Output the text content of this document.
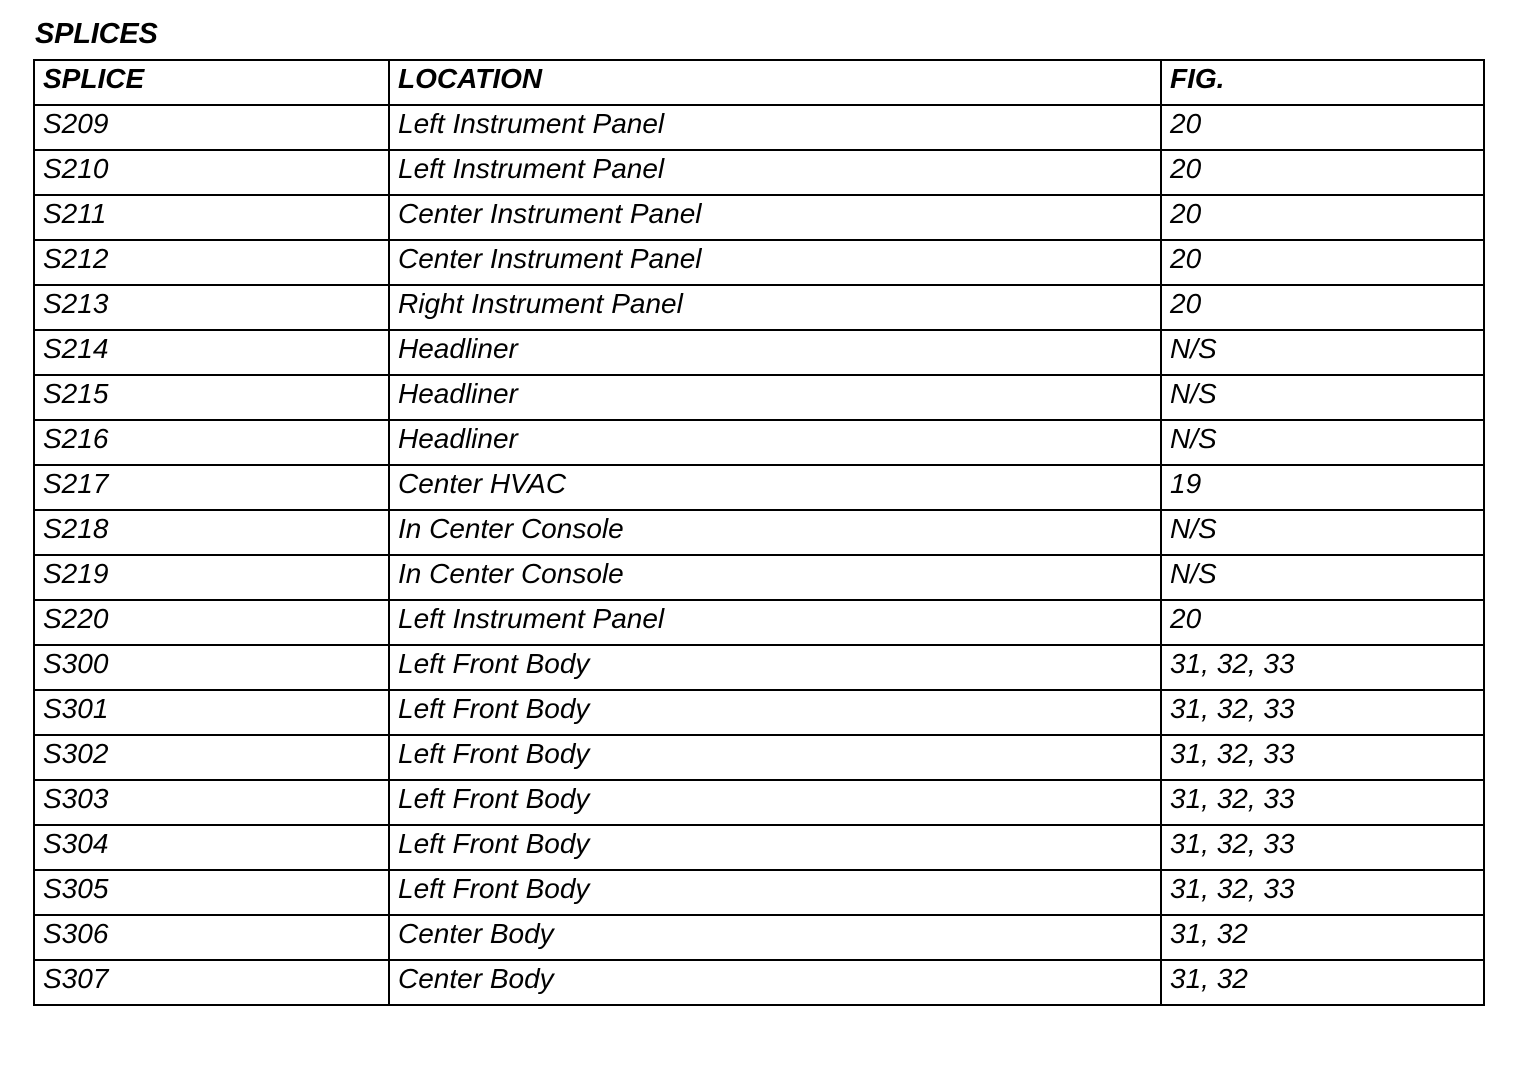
SPLICES
SPLICE	LOCATION	FIG.
S209	Left Instrument Panel	20
S210	Left Instrument Panel	20
S211	Center Instrument Panel	20
S212	Center Instrument Panel	20
S213	Right Instrument Panel	20
S214	Headliner	N/S
S215	Headliner	N/S
S216	Headliner	N/S
S217	Center HVAC	19
S218	In Center Console	N/S
S219	In Center Console	N/S
S220	Left Instrument Panel	20
S300	Left Front Body	31, 32, 33
S301	Left Front Body	31, 32, 33
S302	Left Front Body	31, 32, 33
S303	Left Front Body	31, 32, 33
S304	Left Front Body	31, 32, 33
S305	Left Front Body	31, 32, 33
S306	Center Body	31, 32
S307	Center Body	31, 32
